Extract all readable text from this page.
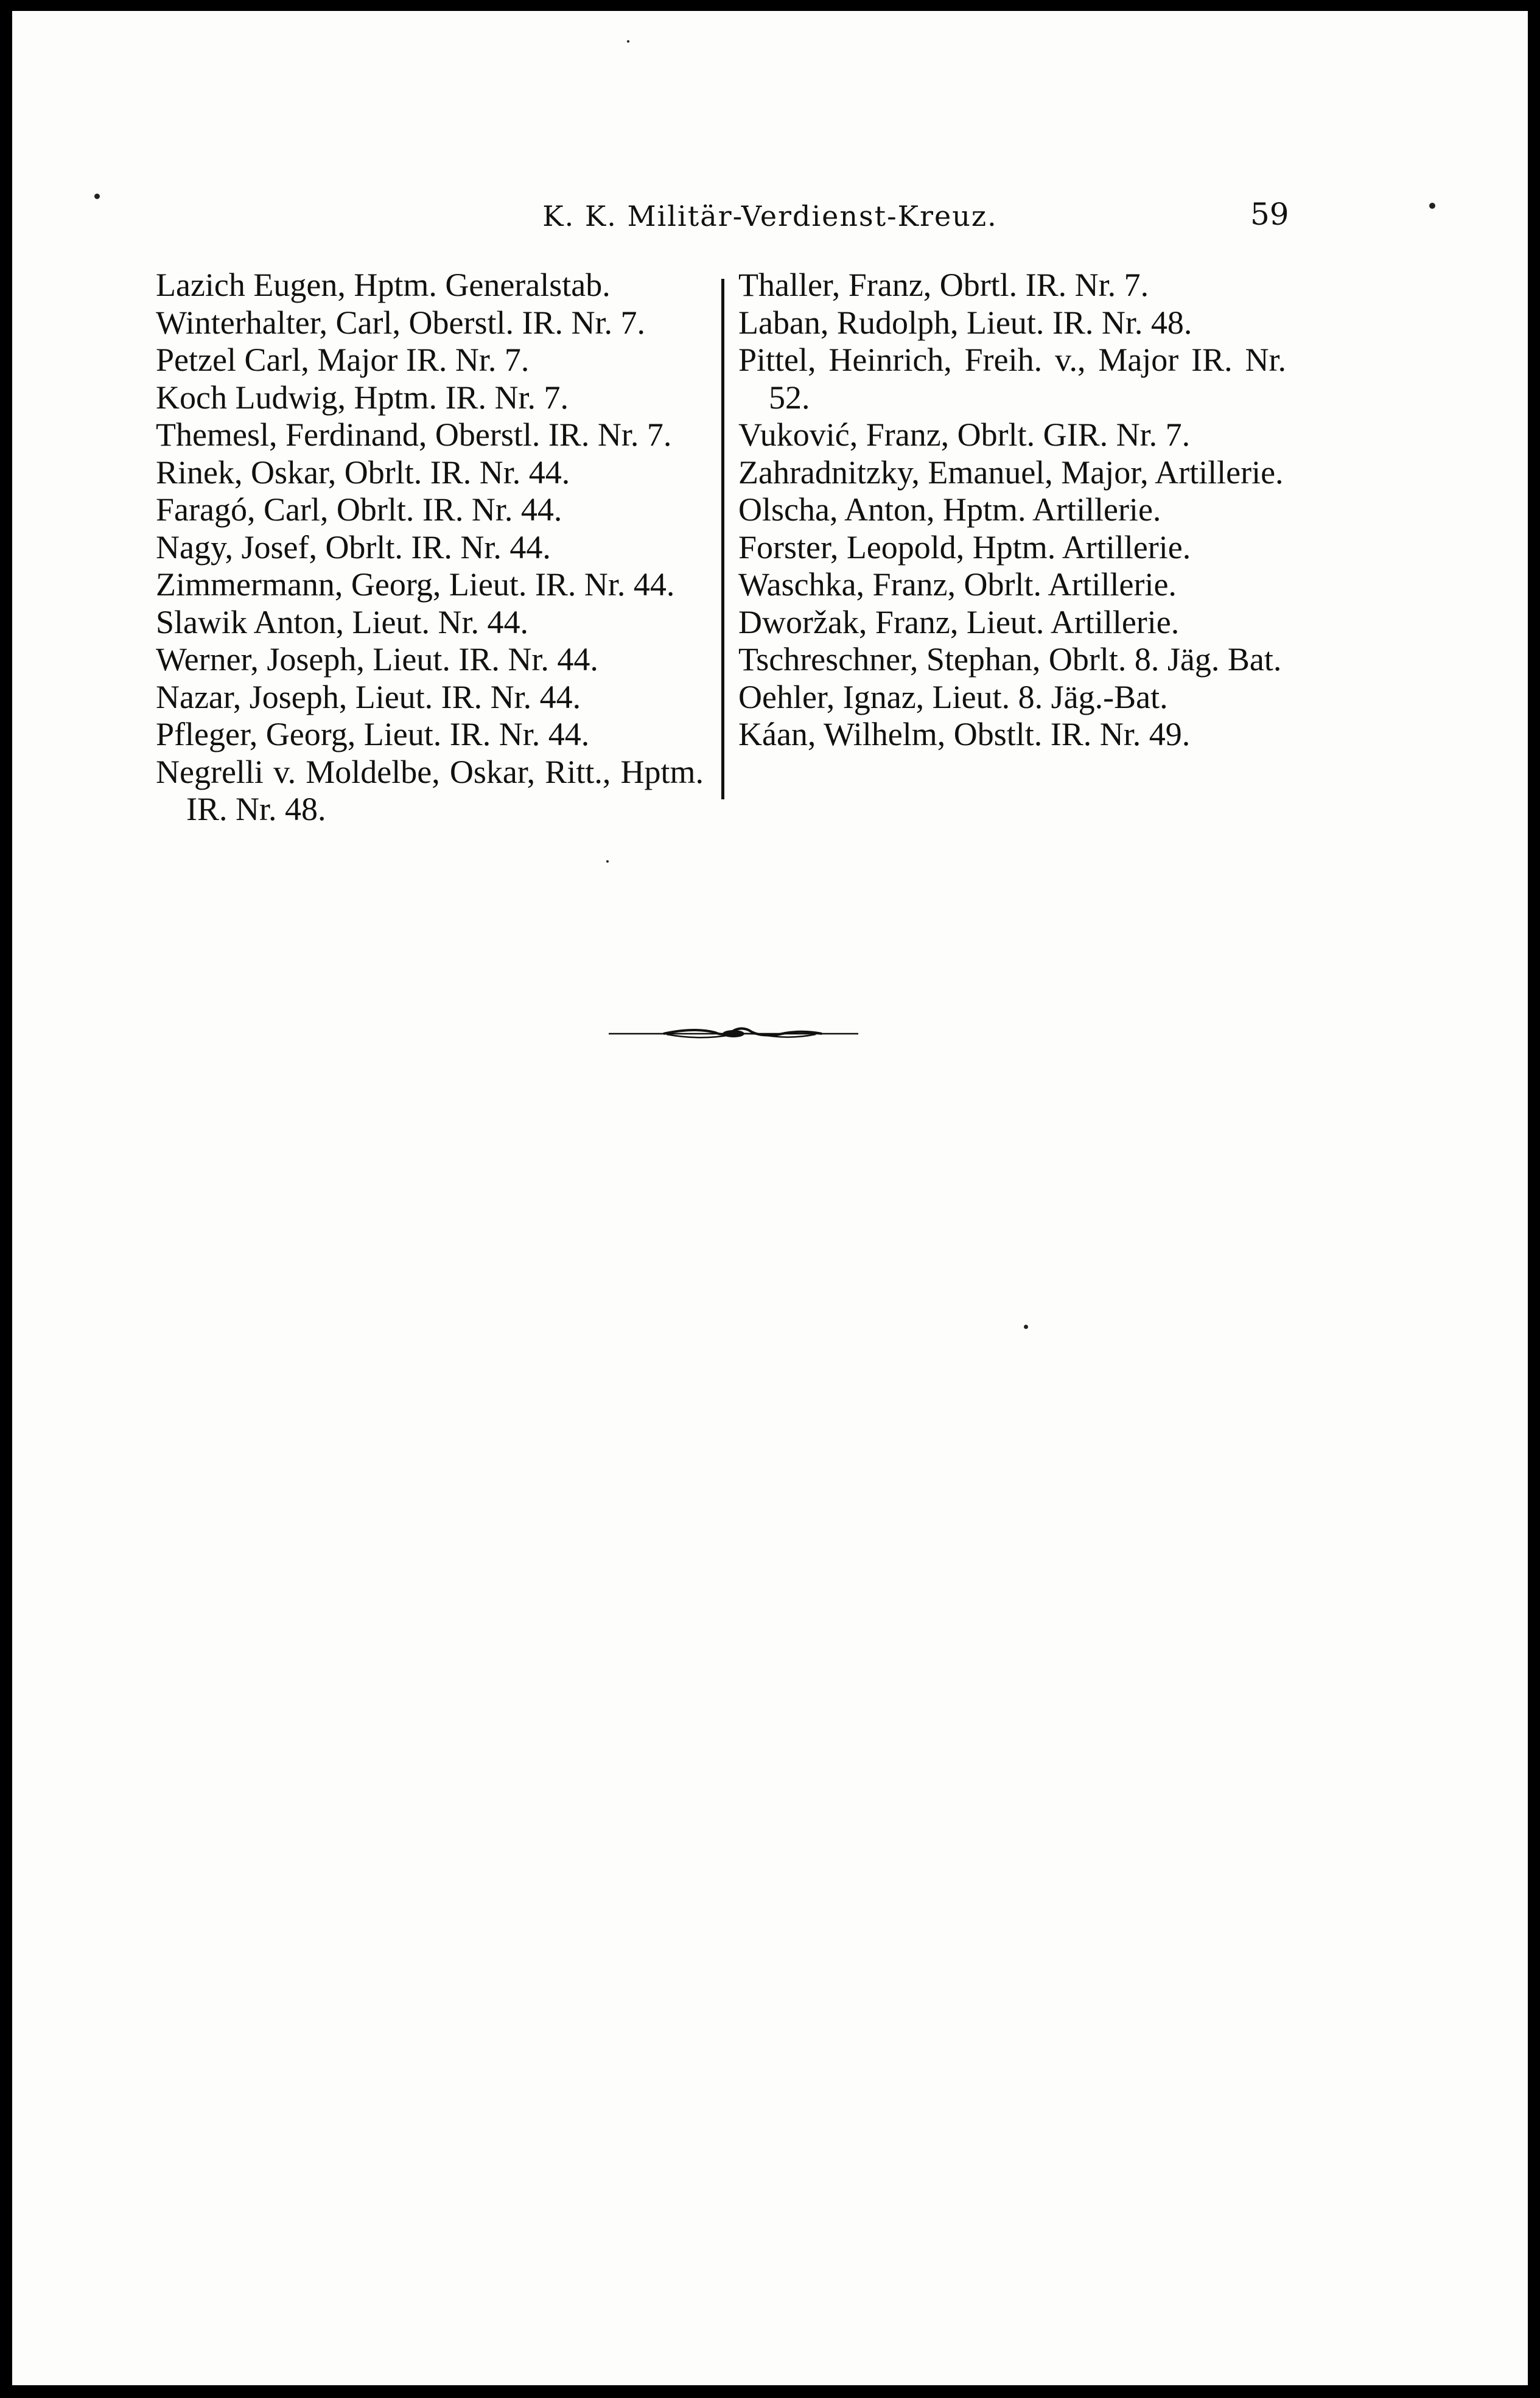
K. K. Militär-Verdienst-Kreuz.	59
Lazich Eugen, Hptm. Generalstab.
Winterhalter, Carl, Oberstl. IR. Nr. 7.
Petzel Carl, Major IR. Nr. 7.
Koch Ludwig, Hptm. IR. Nr. 7.
Themesl, Ferdinand, Oberstl. IR. Nr. 7.
Rinek, Oskar, Obrlt. IR. Nr. 44.
Faragó, Carl, Obrlt. IR. Nr. 44.
Nagy, Josef, Obrlt. IR. Nr. 44.
Zimmermann, Georg, Lieut. IR. Nr. 44.
Slawik Anton, Lieut. Nr. 44.
Werner, Joseph, Lieut. IR. Nr. 44.
Nazar, Joseph, Lieut. IR. Nr. 44.
Pfleger, Georg, Lieut. IR. Nr. 44.
Negrelli v. Moldelbe, Oskar, Ritt., Hptm. IR. Nr. 48.
Thaller, Franz, Obrtl. IR. Nr. 7.
Laban, Rudolph, Lieut. IR. Nr. 48.
Pittel, Heinrich, Freih. v., Major IR. Nr. 52.
Vuković, Franz, Obrlt. GIR. Nr. 7.
Zahradnitzky, Emanuel, Major, Artillerie.
Olscha, Anton, Hptm. Artillerie.
Forster, Leopold, Hptm. Artillerie.
Waschka, Franz, Obrlt. Artillerie.
Dworžak, Franz, Lieut. Artillerie.
Tschreschner, Stephan, Obrlt. 8. Jäg. Bat.
Oehler, Ignaz, Lieut. 8. Jäg.-Bat.
Káan, Wilhelm, Obstlt. IR. Nr. 49.
